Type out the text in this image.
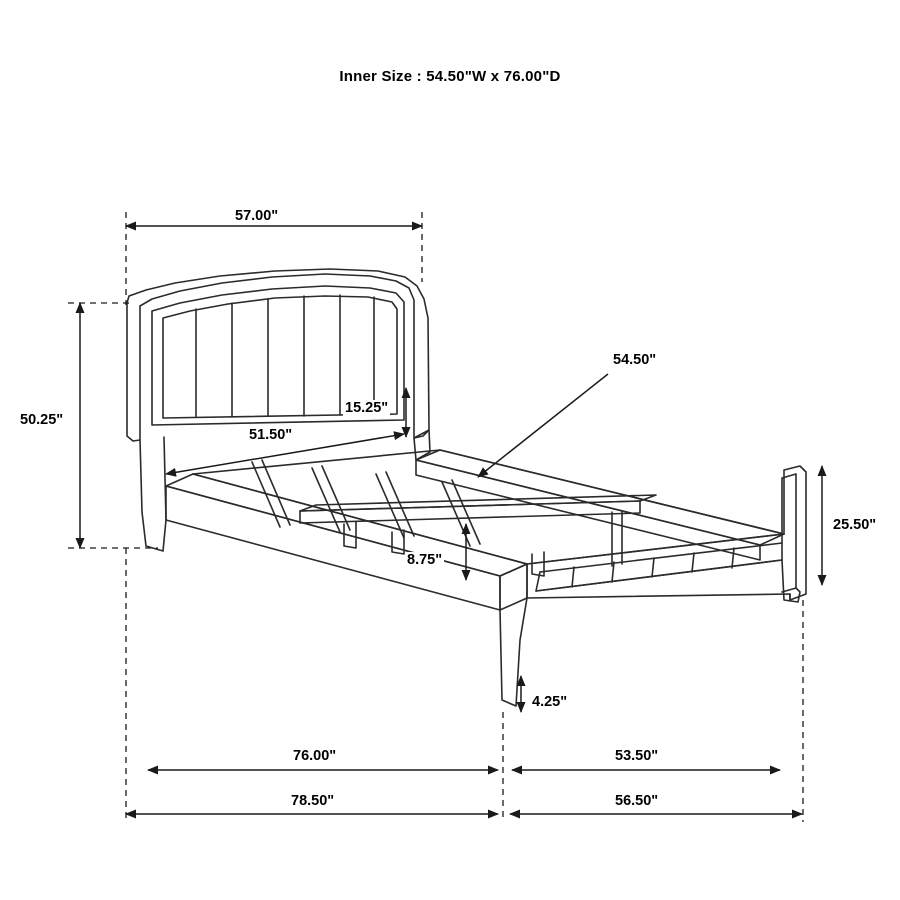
Inner Size : 54.50"W x 76.00"D
57.00"
50.25"
51.50"
15.25"
54.50"
25.50"
8.75"
4.25"
76.00"	53.50"
78.50"	56.50"
